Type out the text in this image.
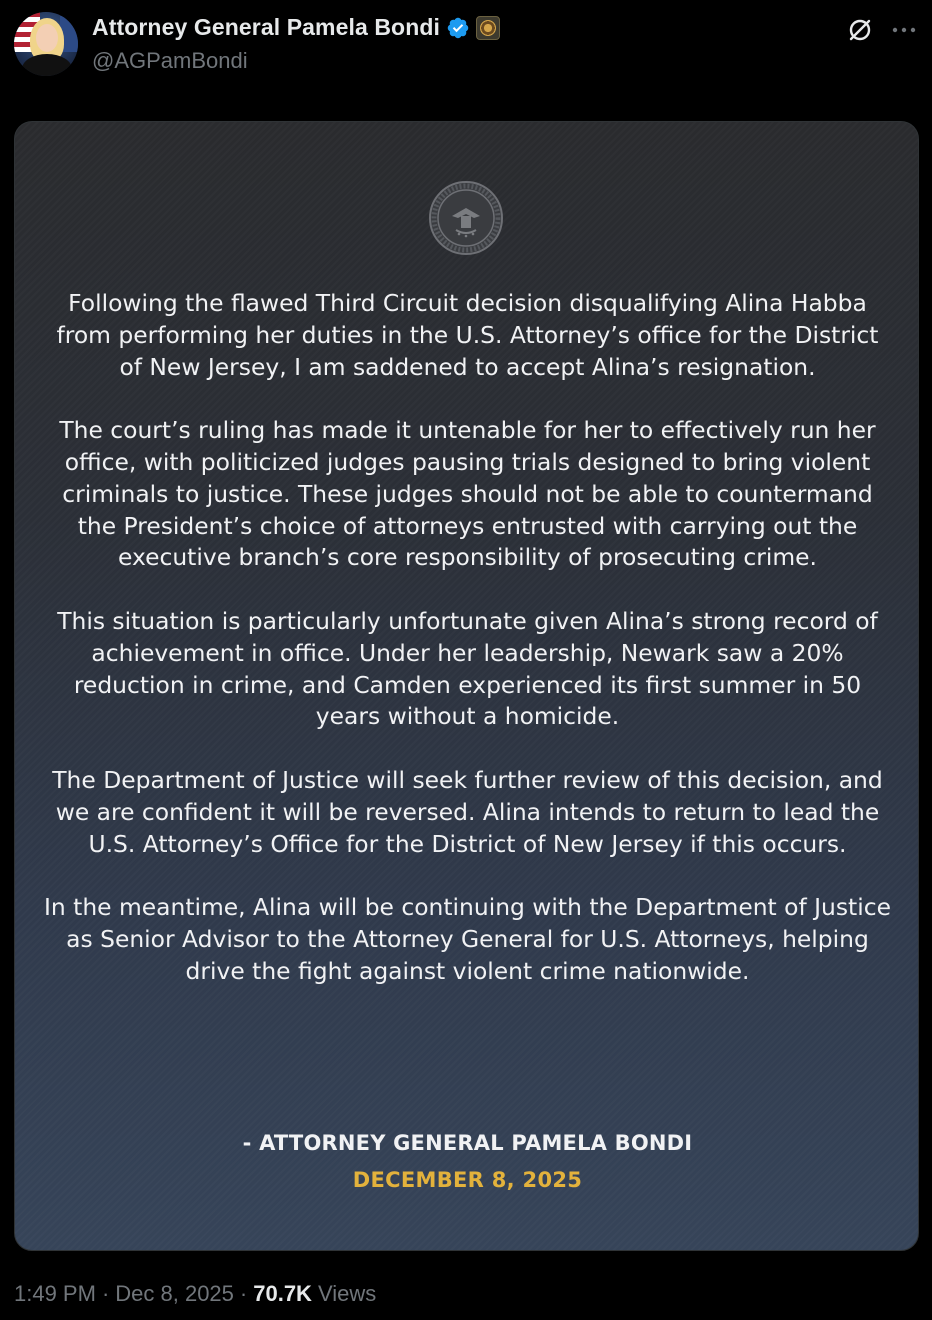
Attorney General Pamela Bondi
@AGPamBondi

Following the flawed Third Circuit decision disqualifying Alina Habba from performing her duties in the U.S. Attorney’s office for the District of New Jersey, I am saddened to accept Alina’s resignation.

The court’s ruling has made it untenable for her to effectively run her office, with politicized judges pausing trials designed to bring violent criminals to justice. These judges should not be able to countermand the President’s choice of attorneys entrusted with carrying out the executive branch’s core responsibility of prosecuting crime.

This situation is particularly unfortunate given Alina’s strong record of achievement in office. Under her leadership, Newark saw a 20% reduction in crime, and Camden experienced its first summer in 50 years without a homicide.

The Department of Justice will seek further review of this decision, and we are confident it will be reversed. Alina intends to return to lead the U.S. Attorney’s Office for the District of New Jersey if this occurs.

In the meantime, Alina will be continuing with the Department of Justice as Senior Advisor to the Attorney General for U.S. Attorneys, helping drive the fight against violent crime nationwide.

- ATTORNEY GENERAL PAMELA BONDI
DECEMBER 8, 2025
1:49 PM · Dec 8, 2025 · 70.7K Views
